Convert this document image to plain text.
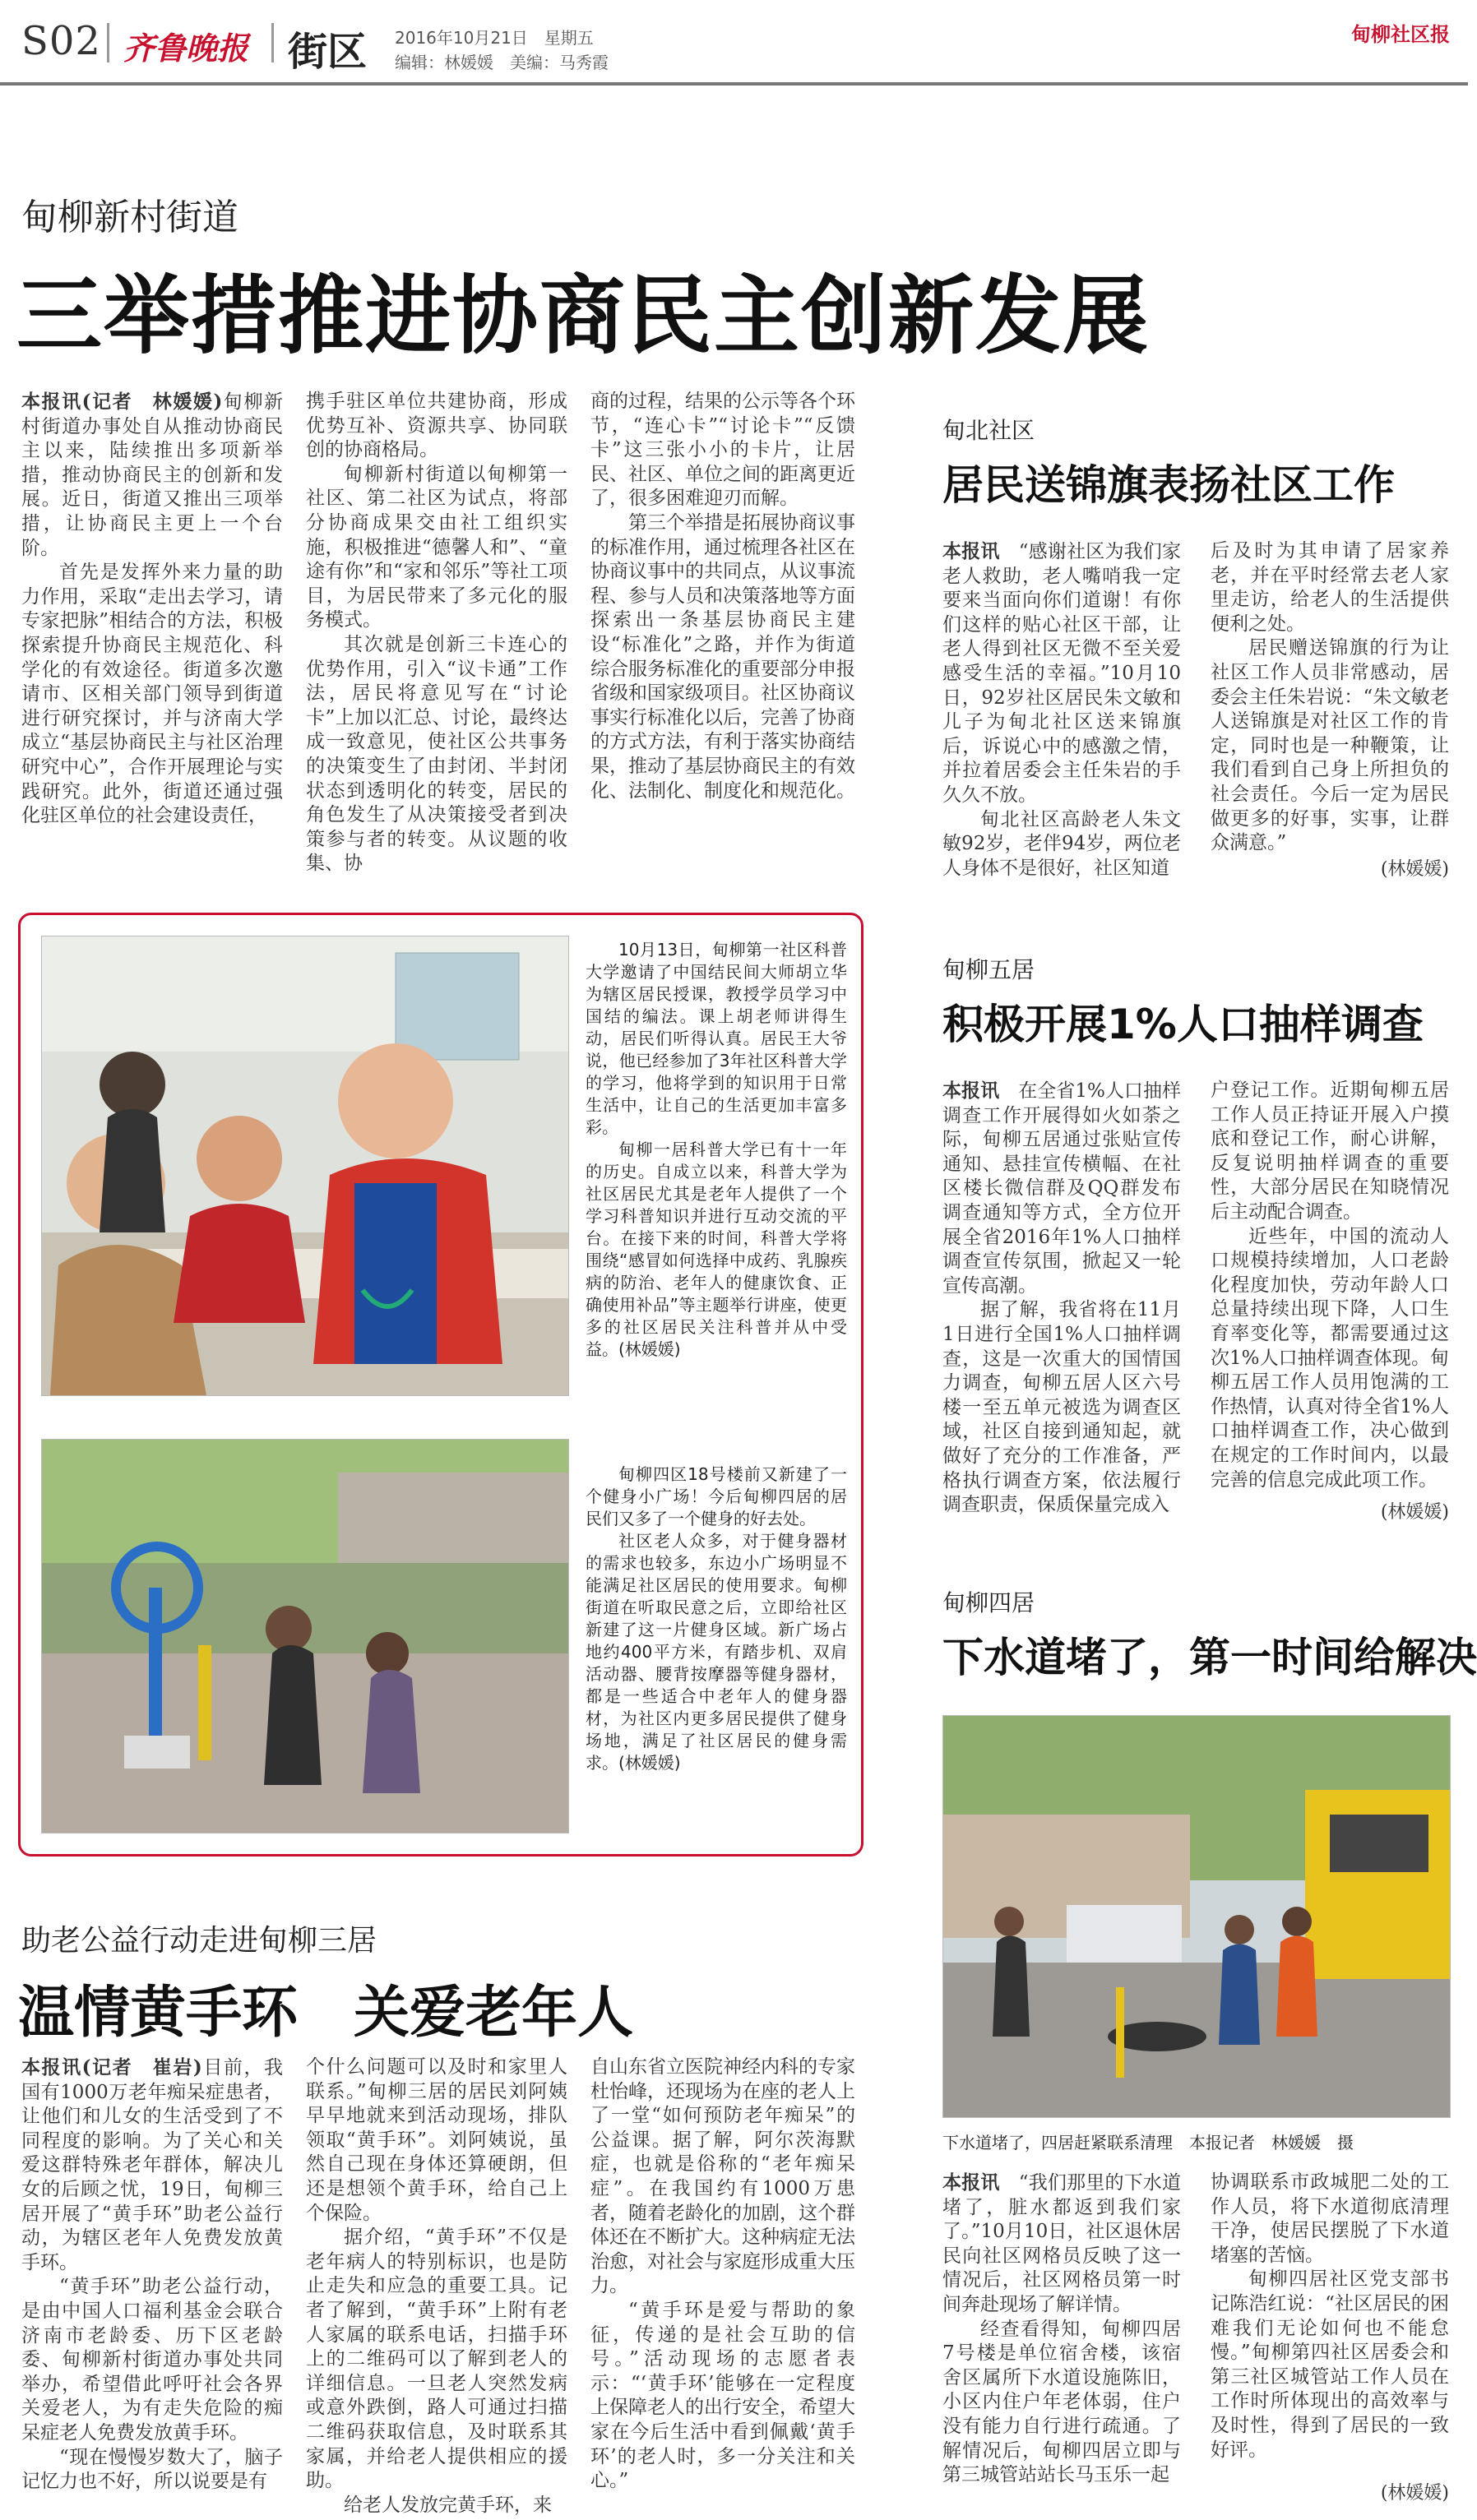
S02 齐鲁晚报 街区 2016年10月21日　星期五
编辑：林媛媛　美编：马秀霞
甸柳社区报
甸柳新村街道
三举措推进协商民主创新发展

本报讯(记者　林媛媛)甸柳新村街道办事处自从推动协商民主以来，陆续推出多项新举措，推动协商民主的创新和发展。近日，街道又推出三项举措，让协商民主更上一个台阶。

首先是发挥外来力量的助力作用，采取“走出去学习，请专家把脉”相结合的方法，积极探索提升协商民主规范化、科学化的有效途径。街道多次邀请市、区相关部门领导到街道进行研究探讨，并与济南大学成立“基层协商民主与社区治理研究中心”，合作开展理论与实践研究。此外，街道还通过强化驻区单位的社会建设责任，

携手驻区单位共建协商，形成优势互补、资源共享、协同联创的协商格局。

甸柳新村街道以甸柳第一社区、第二社区为试点，将部分协商成果交由社工组织实施，积极推进“德馨人和”、“童途有你”和“家和邻乐”等社工项目，为居民带来了多元化的服务模式。

其次就是创新三卡连心的优势作用，引入“议卡通”工作法，居民将意见写在“讨论卡”上加以汇总、讨论，最终达成一致意见，使社区公共事务的决策变生了由封闭、半封闭状态到透明化的转变，居民的角色发生了从决策接受者到决策参与者的转变。从议题的收集、协

商的过程，结果的公示等各个环节，“连心卡”“讨论卡”“反馈卡”这三张小小的卡片，让居民、社区、单位之间的距离更近了，很多困难迎刃而解。

第三个举措是拓展协商议事的标准作用，通过梳理各社区在协商议事中的共同点，从议事流程、参与人员和决策落地等方面探索出一条基层协商民主建设“标准化”之路，并作为街道综合服务标准化的重要部分申报省级和国家级项目。社区协商议事实行标准化以后，完善了协商的方式方法，有利于落实协商结果，推动了基层协商民主的有效化、法制化、制度化和规范化。

甸北社区
居民送锦旗表扬社区工作

本报讯　 “感谢社区为我们家老人救助，老人嘴哨我一定要来当面向你们道谢！有你们这样的贴心社区干部，让老人得到社区无微不至关爱感受生活的幸福。”10月10日，92岁社区居民朱文敏和儿子为甸北社区送来锦旗后，诉说心中的感激之情，并拉着居委会主任朱岩的手久久不放。

甸北社区高龄老人朱文敏92岁，老伴94岁，两位老人身体不是很好，社区知道

后及时为其申请了居家养老，并在平时经常去老人家里走访，给老人的生活提供便利之处。

居民赠送锦旗的行为让社区工作人员非常感动，居委会主任朱岩说：“朱文敏老人送锦旗是对社区工作的肯定，同时也是一种鞭策，让我们看到自己身上所担负的社会责任。今后一定为居民做更多的好事，实事，让群众满意。”

(林媛媛)

10月13日，甸柳第一社区科普大学邀请了中国结民间大师胡立华为辖区居民授课，教授学员学习中国结的编法。课上胡老师讲得生动，居民们听得认真。居民王大爷说，他已经参加了3年社区科普大学的学习，他将学到的知识用于日常生活中，让自己的生活更加丰富多彩。

甸柳一居科普大学已有十一年的历史。自成立以来，科普大学为社区居民尤其是老年人提供了一个学习科普知识并进行互动交流的平台。在接下来的时间，科普大学将围绕“感冒如何选择中成药、乳腺疾病的防治、老年人的健康饮食、正确使用补品”等主题举行讲座，使更多的社区居民关注科普并从中受益。(林媛媛)

甸柳四区18号楼前又新建了一个健身小广场！今后甸柳四居的居民们又多了一个健身的好去处。

社区老人众多，对于健身器材的需求也较多，东边小广场明显不能满足社区居民的使用要求。甸柳街道在听取民意之后，立即给社区新建了这一片健身区域。新广场占地约400平方米，有踏步机、双肩活动器、腰背按摩器等健身器材，都是一些适合中老年人的健身器材，为社区内更多居民提供了健身场地，满足了社区居民的健身需求。(林媛媛)

甸柳五居
积极开展1%人口抽样调查

本报讯　 在全省1%人口抽样调查工作开展得如火如荼之际，甸柳五居通过张贴宣传通知、悬挂宣传横幅、在社区楼长微信群及QQ群发布调查通知等方式，全方位开展全省2016年1%人口抽样调查宣传氛围，掀起又一轮宣传高潮。

据了解，我省将在11月1日进行全国1%人口抽样调查，这是一次重大的国情国力调查，甸柳五居人区六号楼一至五单元被选为调查区域，社区自接到通知起，就做好了充分的工作准备，严格执行调查方案，依法履行调查职责，保质保量完成入

户登记工作。近期甸柳五居工作人员正持证开展入户摸底和登记工作，耐心讲解，反复说明抽样调查的重要性，大部分居民在知晓情况后主动配合调查。

近些年，中国的流动人口规模持续增加，人口老龄化程度加快，劳动年龄人口总量持续出现下降，人口生育率变化等，都需要通过这次1%人口抽样调查体现。甸柳五居工作人员用饱满的工作热情，认真对待全省1%人口抽样调查工作，决心做到在规定的工作时间内，以最完善的信息完成此项工作。

(林媛媛)
甸柳四居
下水道堵了，第一时间给解决
下水道堵了，四居赶紧联系清理　本报记者　林媛媛　摄

本报讯　 “我们那里的下水道堵了，脏水都返到我们家了。”10月10日，社区退休居民向社区网格员反映了这一情况后，社区网格员第一时间奔赴现场了解详情。

经查看得知，甸柳四居7号楼是单位宿舍楼，该宿舍区属所下水道设施陈旧，小区内住户年老体弱，住户没有能力自行进行疏通。了解情况后，甸柳四居立即与第三城管站站长马玉乐一起

协调联系市政城肥二处的工作人员，将下水道彻底清理干净，使居民摆脱了下水道堵塞的苦恼。

甸柳四居社区党支部书记陈浩红说：“社区居民的困难我们无论如何也不能怠慢。”甸柳第四社区居委会和第三社区城管站工作人员在工作时所体现出的高效率与及时性，得到了居民的一致好评。

(林媛媛)
助老公益行动走进甸柳三居
温情黄手环　关爱老年人

本报讯(记者　崔岩)目前，我国有1000万老年痴呆症患者，让他们和儿女的生活受到了不同程度的影响。为了关心和关爱这群特殊老年群体，解决儿女的后顾之忧，19日，甸柳三居开展了“黄手环”助老公益行动，为辖区老年人免费发放黄手环。

“黄手环”助老公益行动，是由中国人口福利基金会联合济南市老龄委、历下区老龄委、甸柳新村街道办事处共同举办，希望借此呼吁社会各界关爱老人，为有走失危险的痴呆症老人免费发放黄手环。

“现在慢慢岁数大了，脑子记忆力也不好，所以说要是有

个什么问题可以及时和家里人联系。”甸柳三居的居民刘阿姨早早地就来到活动现场，排队领取“黄手环”。刘阿姨说，虽然自己现在身体还算硬朗，但还是想领个黄手环，给自己上个保险。

据介绍，“黄手环”不仅是老年病人的特别标识，也是防止走失和应急的重要工具。记者了解到，“黄手环”上附有老人家属的联系电话，扫描手环上的二维码可以了解到老人的详细信息。一旦老人突然发病或意外跌倒，路人可通过扫描二维码获取信息，及时联系其家属，并给老人提供相应的援助。

给老人发放完黄手环，来

自山东省立医院神经内科的专家杜怡峰，还现场为在座的老人上了一堂“如何预防老年痴呆”的公益课。据了解，阿尔茨海默症，也就是俗称的“老年痴呆症”。在我国约有1000万患者，随着老龄化的加剧，这个群体还在不断扩大。这种病症无法治愈，对社会与家庭形成重大压力。

“黄手环是爱与帮助的象征，传递的是社会互助的信号。”活动现场的志愿者表示：“‘黄手环’能够在一定程度上保障老人的出行安全，希望大家在今后生活中看到佩戴‘黄手环’的老人时，多一分关注和关心。”
